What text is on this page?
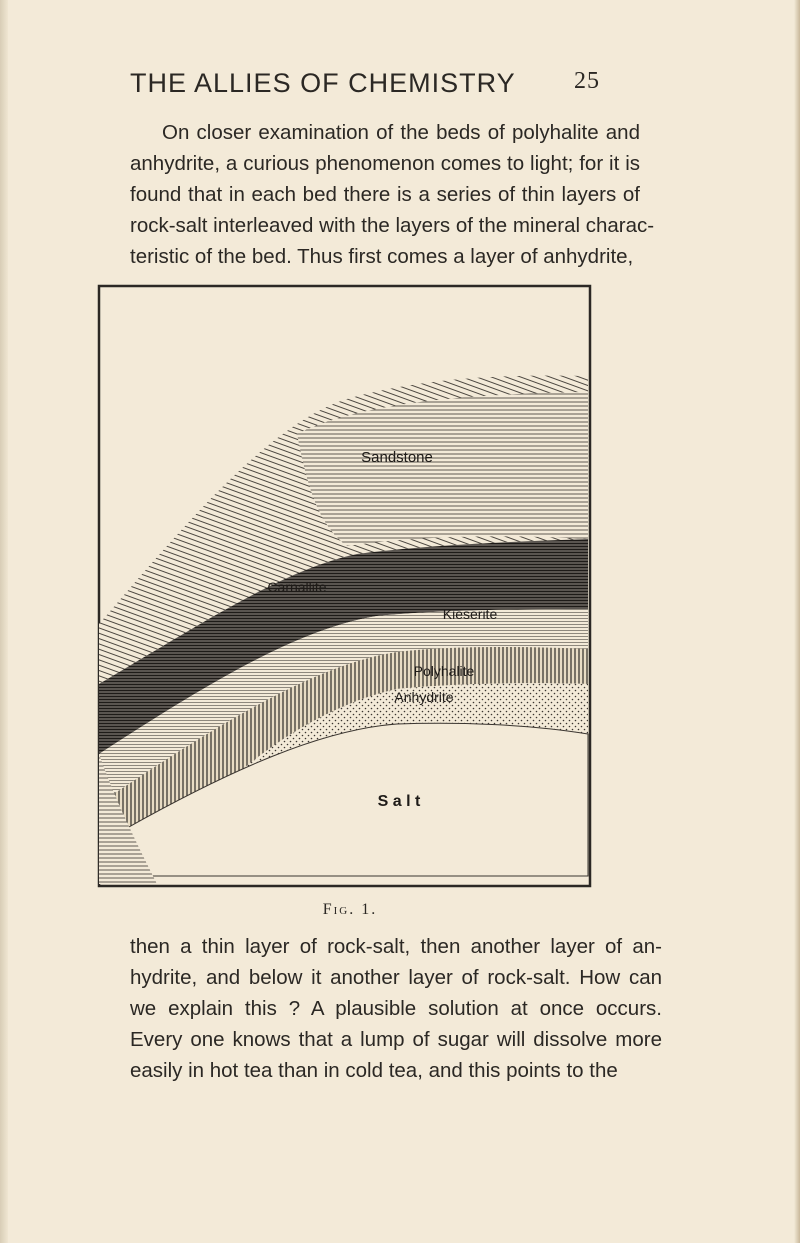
THE ALLIES OF CHEMISTRY 25
On closer examination of the beds of polyhalite and
anhydrite, a curious phenomenon comes to light; for it is
found that in each bed there is a series of thin layers of
rock-salt interleaved with the layers of the mineral charac-
teristic of the bed. Thus first comes a layer of anhydrite,
Sandstone
Carnallite
Kieserite
Polyhalite
Anhydrite
S a l t
Fig. 1.
then a thin layer of rock-salt, then another layer of an-
hydrite, and below it another layer of rock-salt. How can
we explain this ? A plausible solution at once occurs.
Every one knows that a lump of sugar will dissolve more
easily in hot tea than in cold tea, and this points to the
